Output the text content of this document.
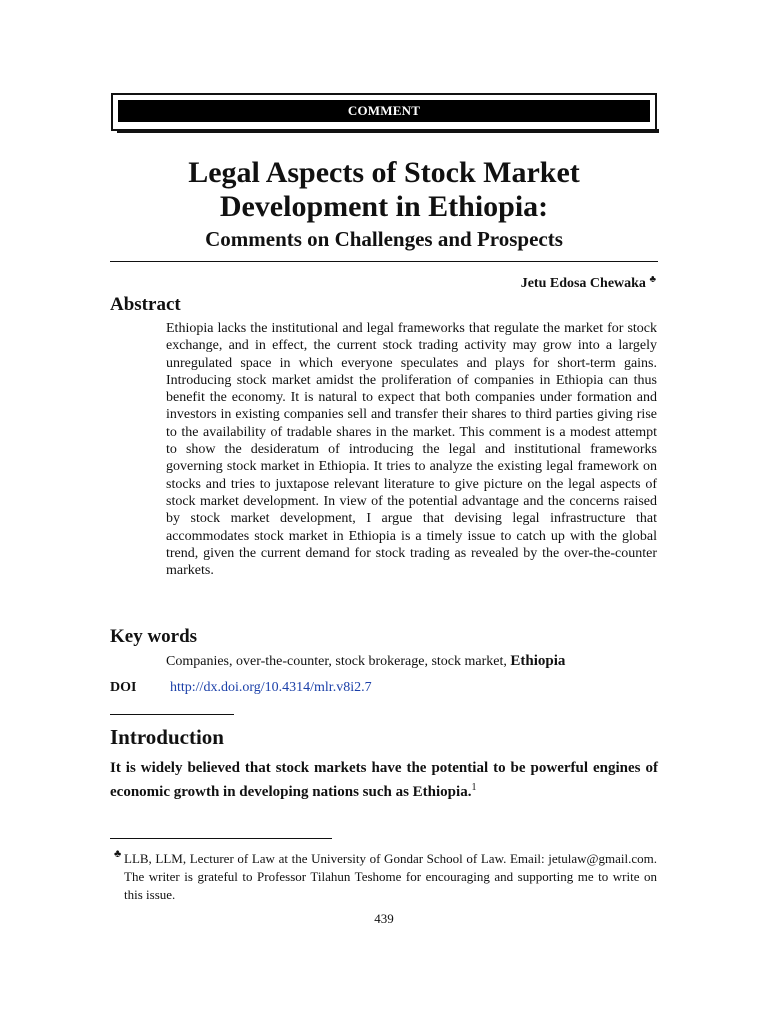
COMMENT
Legal Aspects of Stock Market
Development in Ethiopia:
Comments on Challenges and Prospects
Jetu Edosa Chewaka ♣
Abstract

Ethiopia lacks the institutional and legal frameworks that regulate the market for stock exchange, and in effect, the current stock trading activity may grow into a largely unregulated space in which everyone speculates and plays for short-term gains. Introducing stock market amidst the proliferation of companies in Ethiopia can thus benefit the economy. It is natural to expect that both companies under formation and investors in existing companies sell and transfer their shares to third parties giving rise to the availability of tradable shares in the market. This comment is a modest attempt to show the desideratum of introducing the legal and institutional frameworks governing stock market in Ethiopia. It tries to analyze the existing legal framework on stocks and tries to juxtapose relevant literature to give picture on the legal aspects of stock market development. In view of the potential advantage and the concerns raised by stock market development, I argue that devising legal infrastructure that accommodates stock market in Ethiopia is a timely issue to catch up with the global trend, given the current demand for stock trading as revealed by the over-the-counter markets.

Key words
Companies, over-the-counter, stock brokerage, stock market, Ethiopia
DOI http://dx.doi.org/10.4314/mlr.v8i2.7
Introduction

It is widely believed that stock markets have the potential to be powerful engines of economic growth in developing nations such as Ethiopia.$^1$

♣ LLB, LLM, Lecturer of Law at the University of Gondar School of Law. Email: jetulaw@gmail.com. The writer is grateful to Professor Tilahun Teshome for encouraging and supporting me to write on this issue.

439
